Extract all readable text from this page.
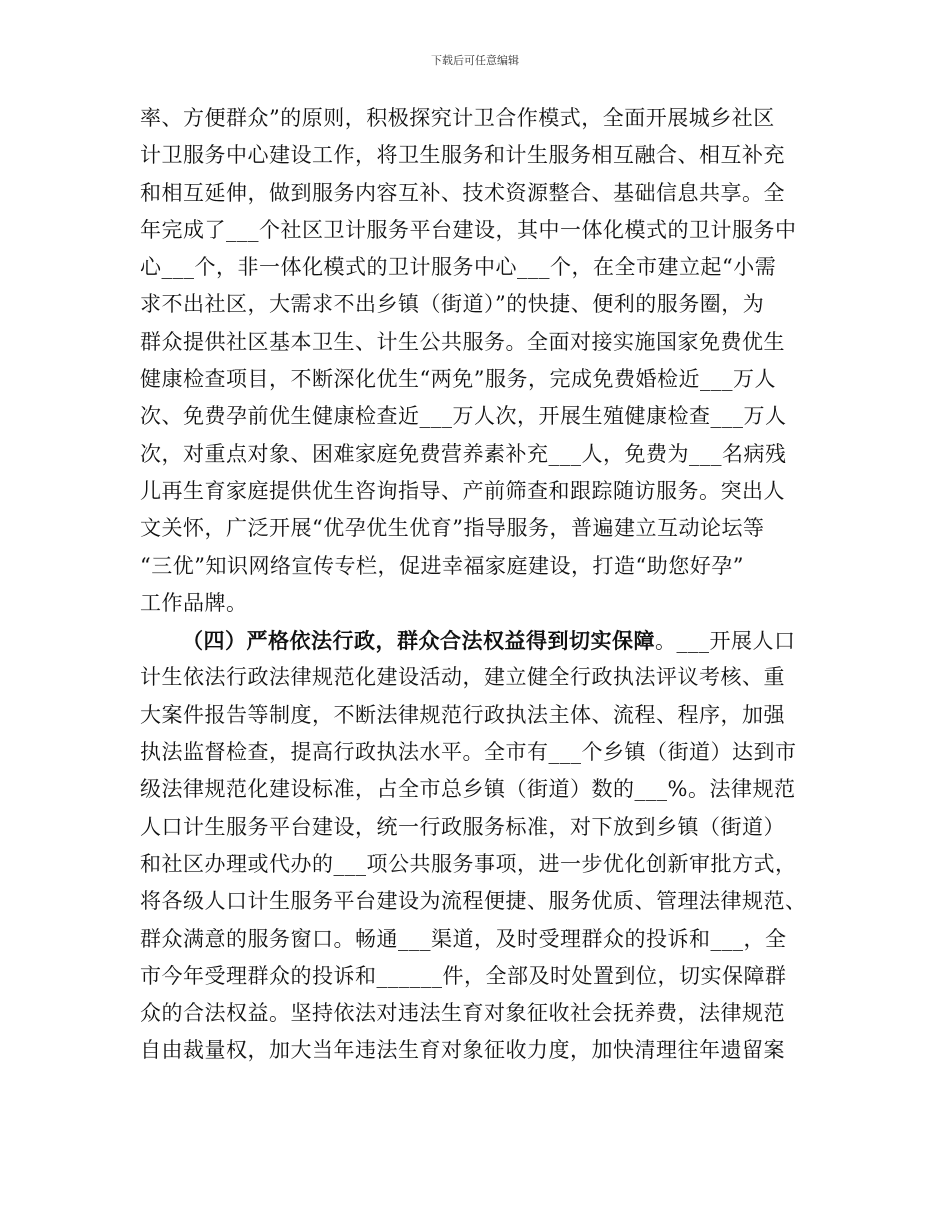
下载后可任意编辑
率、方便群众”的原则，积极探究计卫合作模式，全面开展城乡社区
计卫服务中心建设工作，将卫生服务和计生服务相互融合、相互补充
和相互延伸，做到服务内容互补、技术资源整合、基础信息共享。全
年完成了___个社区卫计服务平台建设，其中一体化模式的卫计服务中
心___个，非一体化模式的卫计服务中心___个，在全市建立起“小需
求不出社区，大需求不出乡镇（街道）”的快捷、便利的服务圈，为
群众提供社区基本卫生、计生公共服务。全面对接实施国家免费优生
健康检查项目，不断深化优生“两免”服务，完成免费婚检近___万人
次、免费孕前优生健康检查近___万人次，开展生殖健康检查___万人
次，对重点对象、困难家庭免费营养素补充___人，免费为___名病残
儿再生育家庭提供优生咨询指导、产前筛查和跟踪随访服务。突出人
文关怀，广泛开展“优孕优生优育”指导服务，普遍建立互动论坛等
“三优”知识网络宣传专栏，促进幸福家庭建设，打造“助您好孕”
工作品牌。
（四）严格依法行政，群众合法权益得到切实保障。___开展人口
计生依法行政法律规范化建设活动，建立健全行政执法评议考核、重
大案件报告等制度，不断法律规范行政执法主体、流程、程序，加强
执法监督检查，提高行政执法水平。全市有___个乡镇（街道）达到市
级法律规范化建设标准，占全市总乡镇（街道）数的___%。法律规范
人口计生服务平台建设，统一行政服务标准，对下放到乡镇（街道）
和社区办理或代办的___项公共服务事项，进一步优化创新审批方式，
将各级人口计生服务平台建设为流程便捷、服务优质、管理法律规范、
群众满意的服务窗口。畅通___渠道，及时受理群众的投诉和___，全
市今年受理群众的投诉和______件，全部及时处置到位，切实保障群
众的合法权益。坚持依法对违法生育对象征收社会抚养费，法律规范
自由裁量权，加大当年违法生育对象征收力度，加快清理往年遗留案
